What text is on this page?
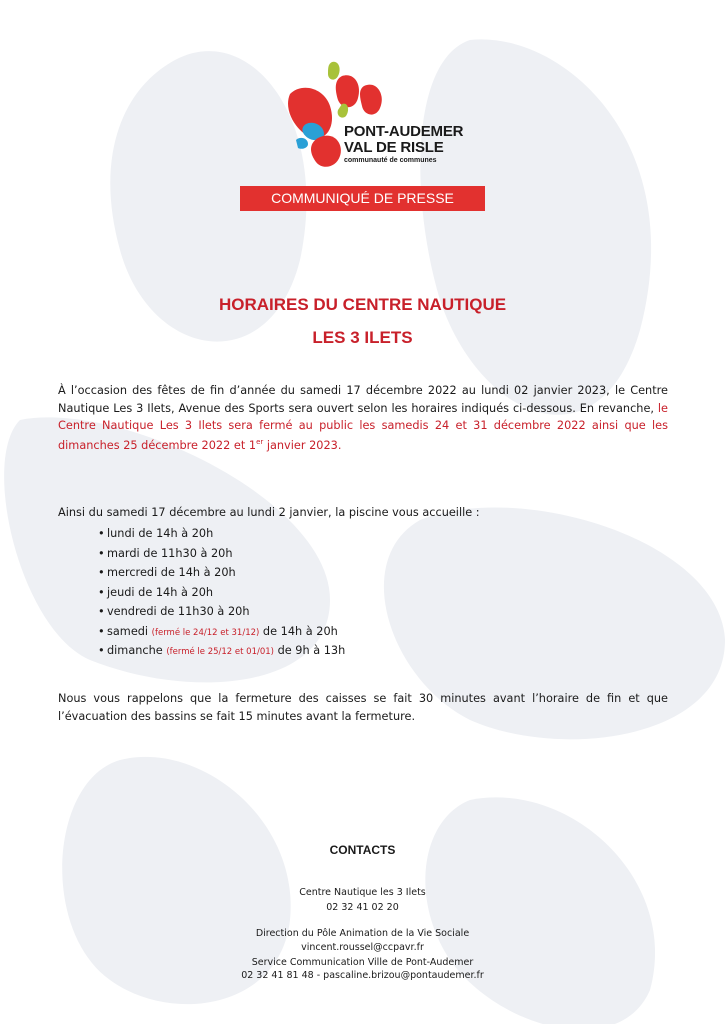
PONT-AUDEMER
VAL DE RISLE
communauté de communes
COMMUNIQUÉ DE PRESSE
HORAIRES DU CENTRE NAUTIQUE
LES 3 ILETS
À l’occasion des fêtes de fin d’année du samedi 17 décembre 2022 au lundi 02 janvier 2023, le Centre Nautique Les 3 Ilets, Avenue des Sports sera ouvert selon les horaires indiqués ci-dessous. En revanche, le Centre Nautique Les 3 Ilets sera fermé au public les samedis 24 et 31 décembre 2022 ainsi que les dimanches 25 décembre 2022 et 1er janvier 2023.
Ainsi du samedi 17 décembre au lundi 2 janvier, la piscine vous accueille :
• lundi de 14h à 20h
• mardi de 11h30 à 20h
• mercredi de 14h à 20h
• jeudi de 14h à 20h
• vendredi de 11h30 à 20h
• samedi (fermé le 24/12 et 31/12) de 14h à 20h
• dimanche (fermé le 25/12 et 01/01) de 9h à 13h
Nous vous rappelons que la fermeture des caisses se fait 30 minutes avant l’horaire de fin et que l’évacuation des bassins se fait 15 minutes avant la fermeture.
CONTACTS
Centre Nautique les 3 Ilets
02 32 41 02 20
Direction du Pôle Animation de la Vie Sociale
vincent.roussel@ccpavr.fr
Service Communication Ville de Pont-Audemer
02 32 41 81 48 - pascaline.brizou@pontaudemer.fr
